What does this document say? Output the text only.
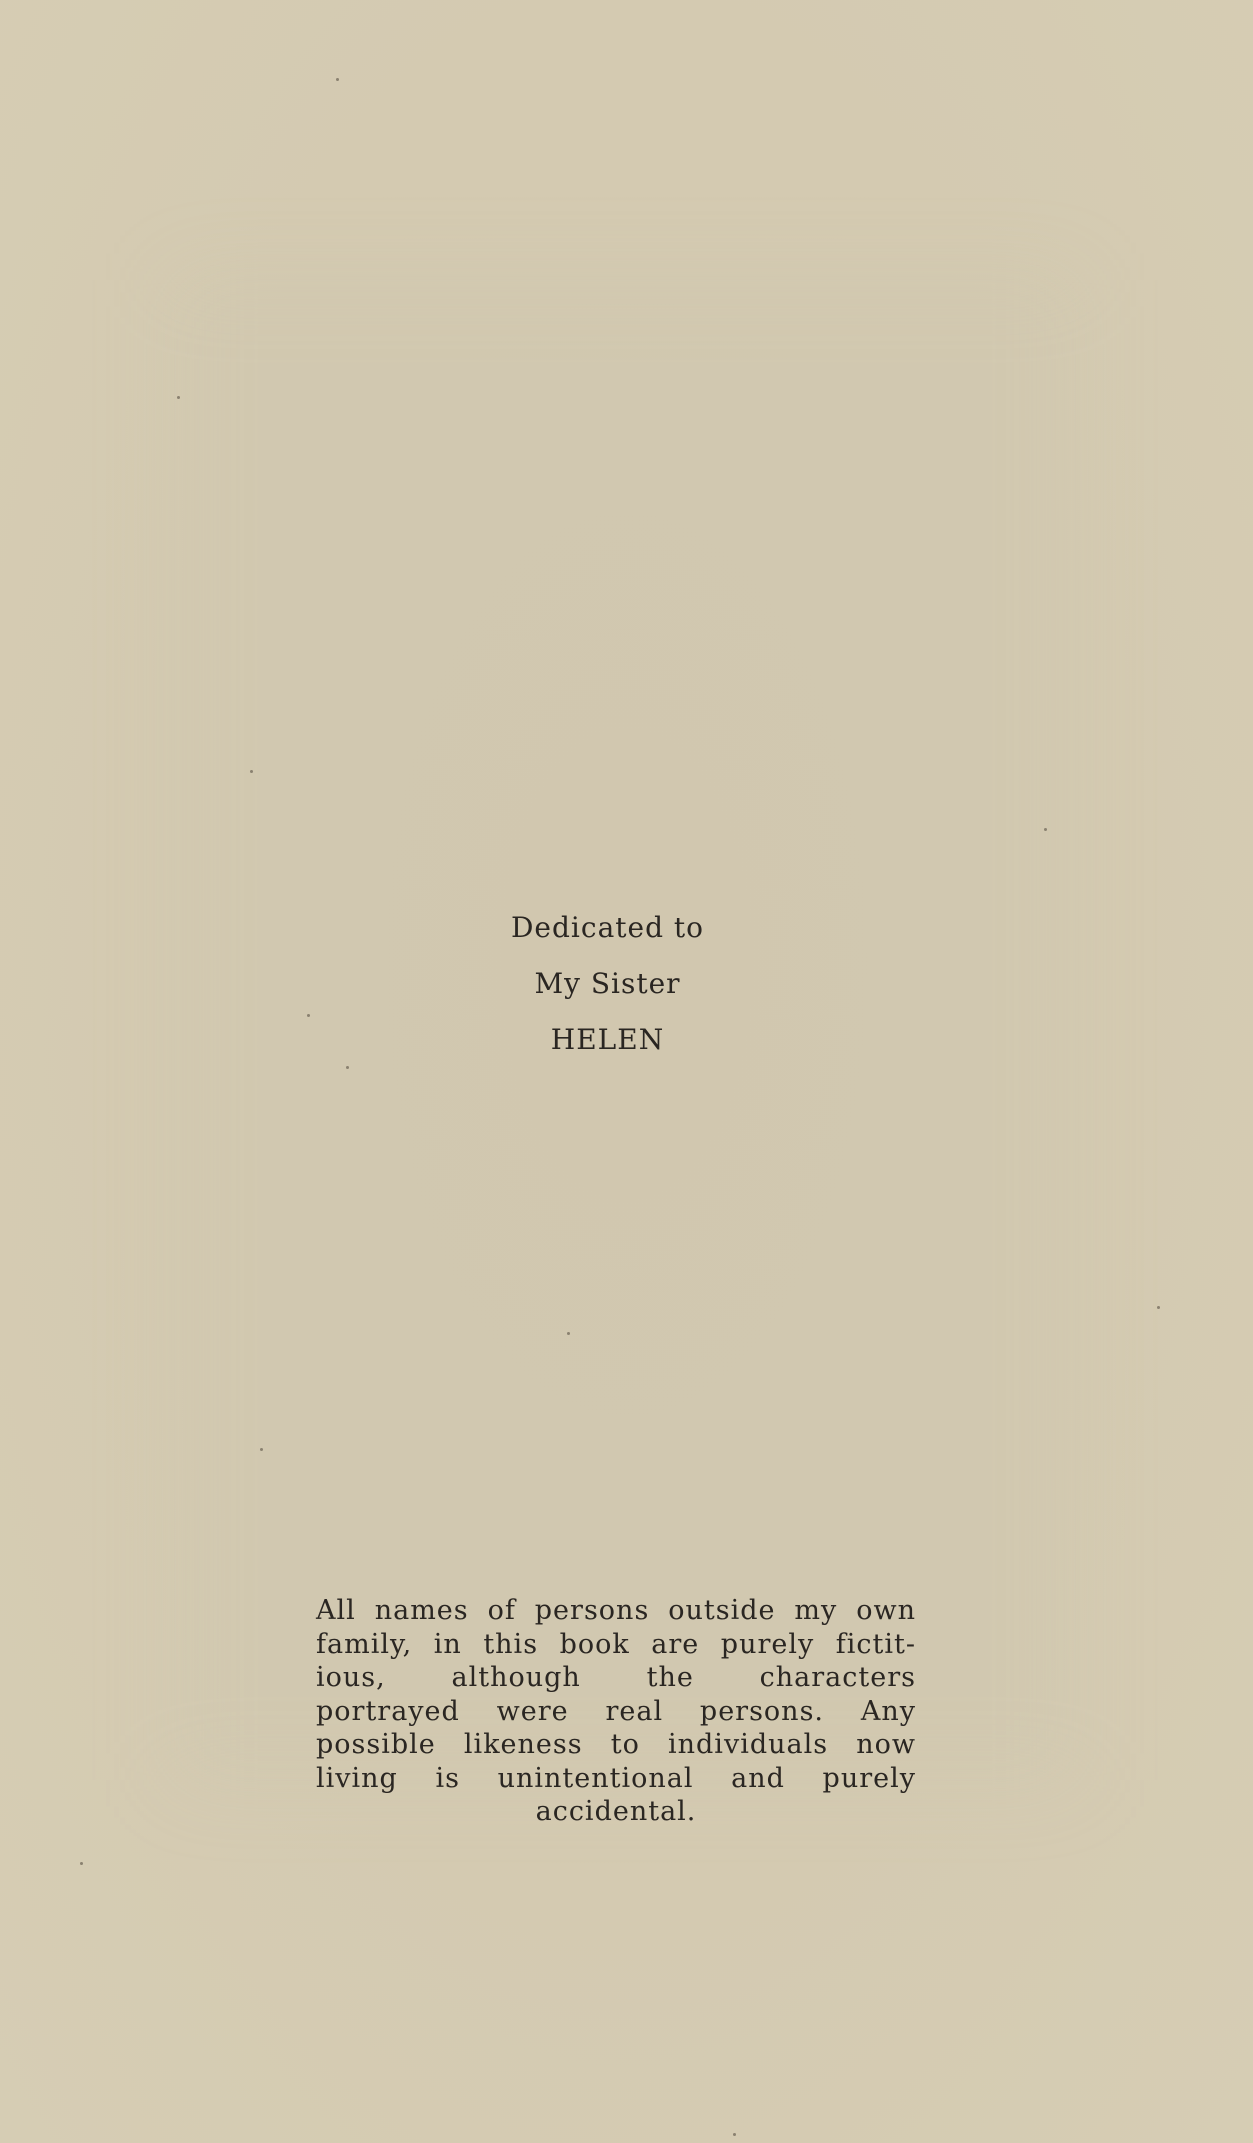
Dedicated to
My Sister
HELEN
All names of persons outside my own family, in this book are purely fictit- ious, although the characters portrayed were real persons. Any possible likeness to individuals now living is unintentional and purely accidental.
